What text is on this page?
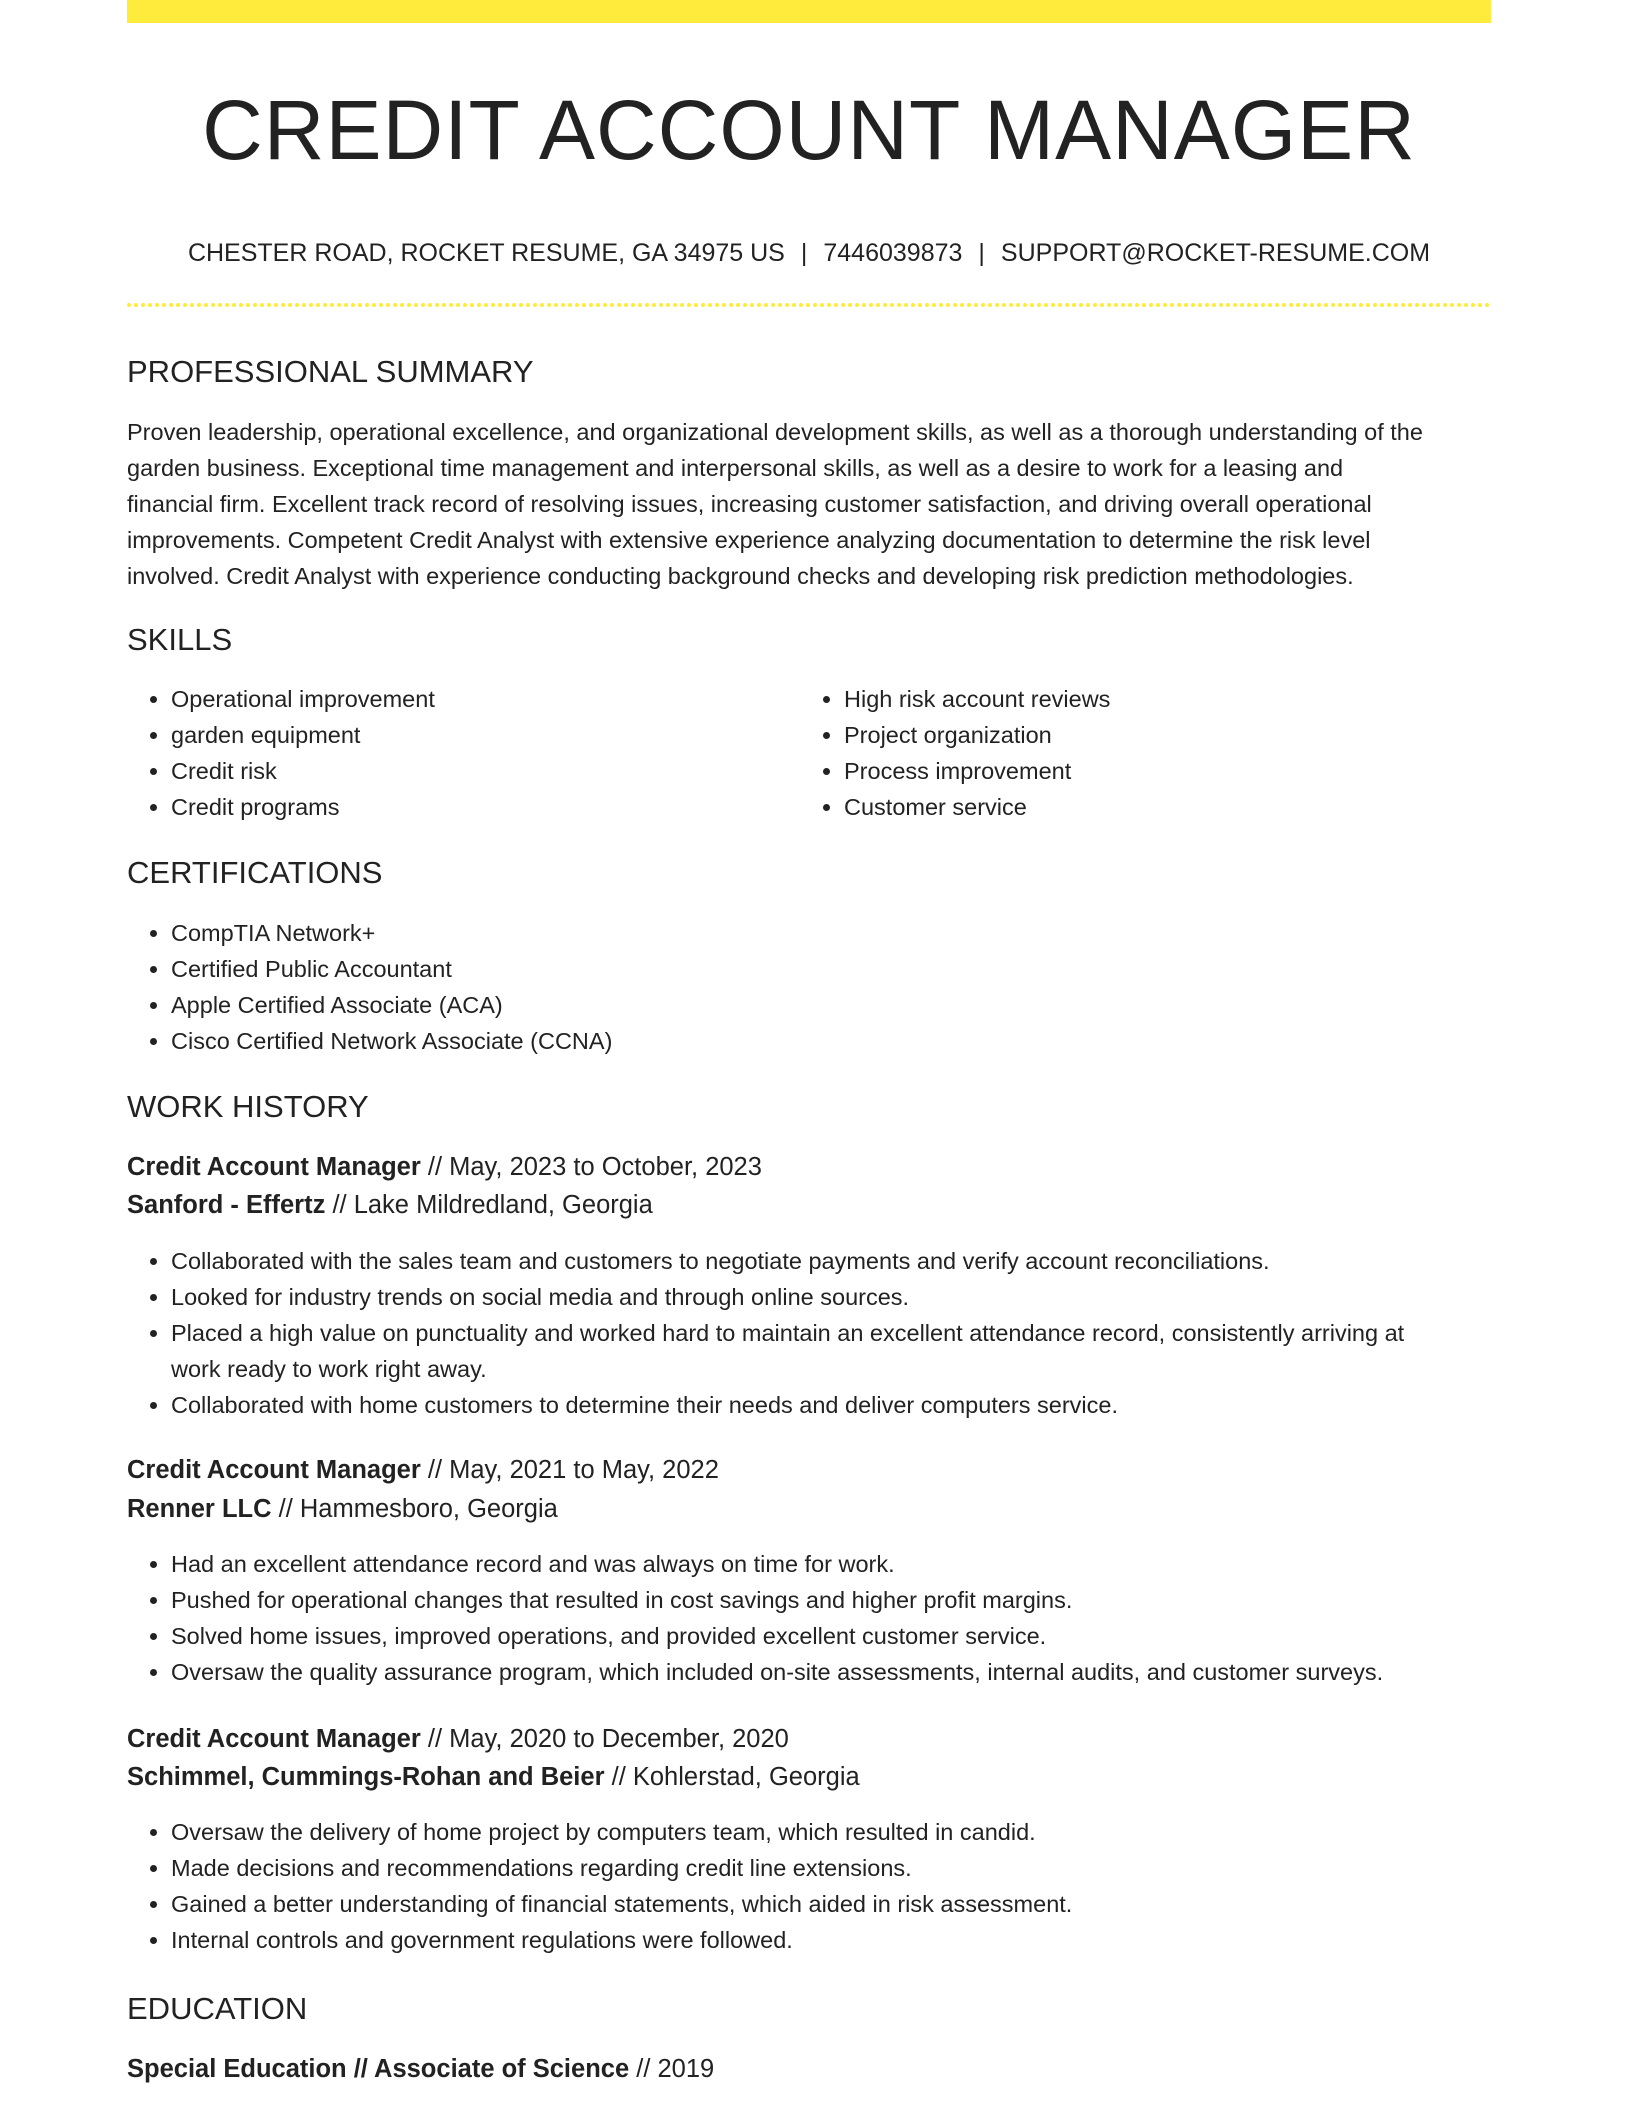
CREDIT ACCOUNT MANAGER
CHESTER ROAD, ROCKET RESUME, GA 34975 US | 7446039873 | SUPPORT@ROCKET-RESUME.COM
PROFESSIONAL SUMMARY
Proven leadership, operational excellence, and organizational development skills, as well as a thorough understanding of the
garden business. Exceptional time management and interpersonal skills, as well as a desire to work for a leasing and
financial firm. Excellent track record of resolving issues, increasing customer satisfaction, and driving overall operational
improvements. Competent Credit Analyst with extensive experience analyzing documentation to determine the risk level
involved. Credit Analyst with experience conducting background checks and developing risk prediction methodologies.
SKILLS
• Operational improvement
• garden equipment
• Credit risk
• Credit programs
• High risk account reviews
• Project organization
• Process improvement
• Customer service
CERTIFICATIONS
• CompTIA Network+
• Certified Public Accountant
• Apple Certified Associate (ACA)
• Cisco Certified Network Associate (CCNA)
WORK HISTORY
Credit Account Manager // May, 2023 to October, 2023
Sanford - Effertz // Lake Mildredland, Georgia
• Collaborated with the sales team and customers to negotiate payments and verify account reconciliations.
• Looked for industry trends on social media and through online sources.
• Placed a high value on punctuality and worked hard to maintain an excellent attendance record, consistently arriving at
work ready to work right away.
• Collaborated with home customers to determine their needs and deliver computers service.
Credit Account Manager // May, 2021 to May, 2022
Renner LLC // Hammesboro, Georgia
• Had an excellent attendance record and was always on time for work.
• Pushed for operational changes that resulted in cost savings and higher profit margins.
• Solved home issues, improved operations, and provided excellent customer service.
• Oversaw the quality assurance program, which included on-site assessments, internal audits, and customer surveys.
Credit Account Manager // May, 2020 to December, 2020
Schimmel, Cummings-Rohan and Beier // Kohlerstad, Georgia
• Oversaw the delivery of home project by computers team, which resulted in candid.
• Made decisions and recommendations regarding credit line extensions.
• Gained a better understanding of financial statements, which aided in risk assessment.
• Internal controls and government regulations were followed.
EDUCATION
Special Education // Associate of Science // 2019
